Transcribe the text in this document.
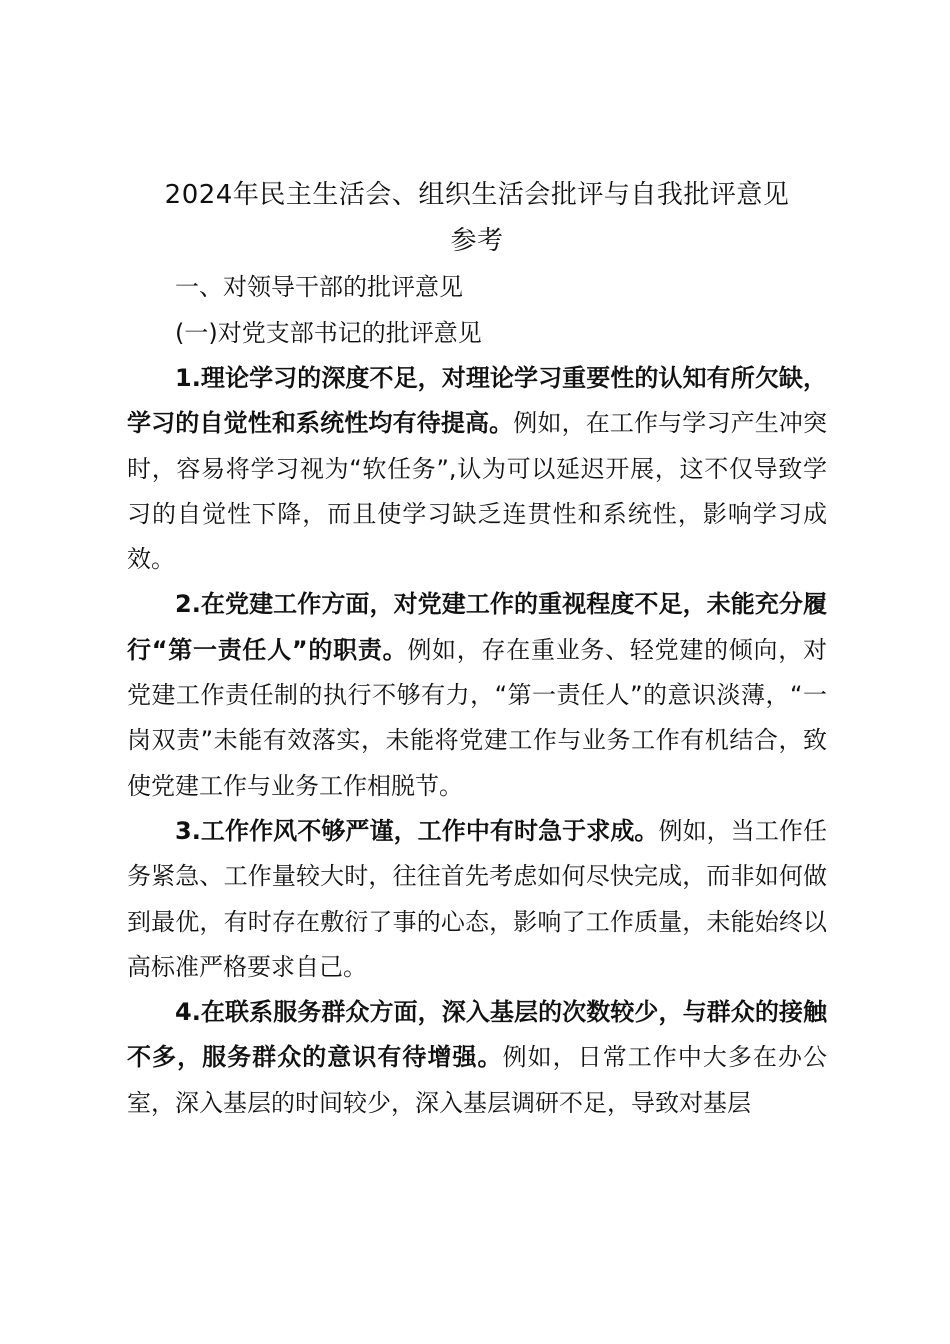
2024年民主生活会、组织生活会批评与自我批评意见
参考

一、对领导干部的批评意见

(一)对党支部书记的批评意见

1.理论学习的深度不足，对理论学习重要性的认知有所欠缺，学习的自觉性和系统性均有待提高。例如，在工作与学习产生冲突时，容易将学习视为“软任务”,认为可以延迟开展，这不仅导致学习的自觉性下降，而且使学习缺乏连贯性和系统性，影响学习成效。

2.在党建工作方面，对党建工作的重视程度不足，未能充分履行“第一责任人”的职责。例如，存在重业务、轻党建的倾向，对党建工作责任制的执行不够有力，“第一责任人”的意识淡薄，“一岗双责”未能有效落实，未能将党建工作与业务工作有机结合，致使党建工作与业务工作相脱节。

3.工作作风不够严谨，工作中有时急于求成。例如，当工作任务紧急、工作量较大时，往往首先考虑如何尽快完成，而非如何做到最优，有时存在敷衍了事的心态，影响了工作质量，未能始终以高标准严格要求自己。

4.在联系服务群众方面，深入基层的次数较少，与群众的接触不多，服务群众的意识有待增强。例如，日常工作中大多在办公室，深入基层的时间较少，深入基层调研不足，导致对基层
